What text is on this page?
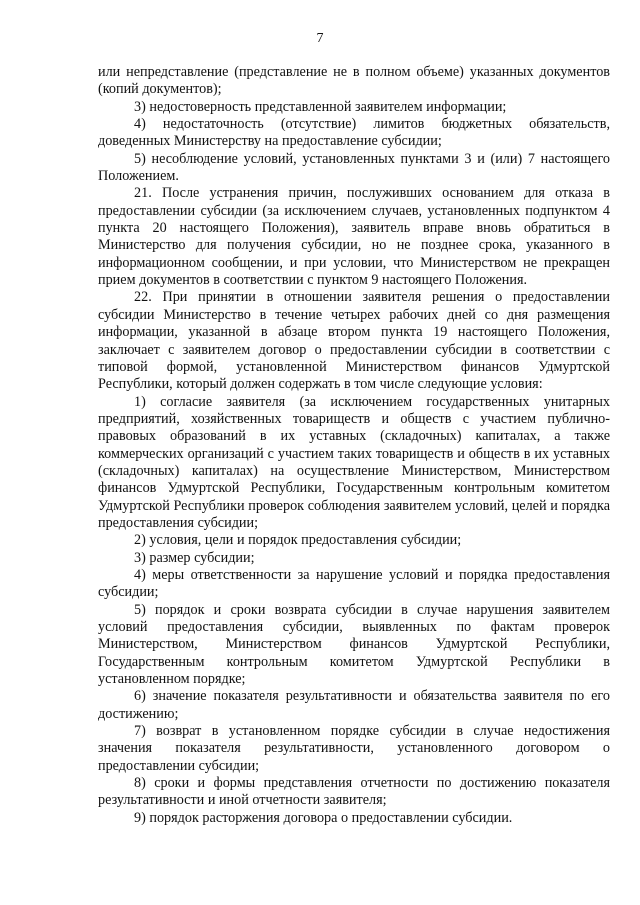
7

или непредставление (представление не в полном объеме) указанных документов (копий документов);

3) недостоверность представленной заявителем информации;

4) недостаточность (отсутствие) лимитов бюджетных обязательств, доведенных Министерству на предоставление субсидии;

5) несоблюдение условий, установленных пунктами 3 и (или) 7 настоящего Положением.

21. После устранения причин, послуживших основанием для отказа в предоставлении субсидии (за исключением случаев, установленных подпунктом 4 пункта 20 настоящего Положения), заявитель вправе вновь обратиться в Министерство для получения субсидии, но не позднее срока, указанного в информационном сообщении, и при условии, что Министерством не прекращен прием документов в соответствии с пунктом 9 настоящего Положения.

22. При принятии в отношении заявителя решения о предоставлении субсидии Министерство в течение четырех рабочих дней со дня размещения информации, указанной в абзаце втором пункта 19 настоящего Положения, заключает с заявителем договор о предоставлении субсидии в соответствии с типовой формой, установленной Министерством финансов Удмуртской Республики, который должен содержать в том числе следующие условия:

1) согласие заявителя (за исключением государственных унитарных предприятий, хозяйственных товариществ и обществ с участием публично-правовых образований в их уставных (складочных) капиталах, а также коммерческих организаций с участием таких товариществ и обществ в их уставных (складочных) капиталах) на осуществление Министерством, Министерством финансов Удмуртской Республики, Государственным контрольным комитетом Удмуртской Республики проверок соблюдения заявителем условий, целей и порядка предоставления субсидии;

2) условия, цели и порядок предоставления субсидии;

3) размер субсидии;

4) меры ответственности за нарушение условий и порядка предоставления субсидии;

5) порядок и сроки возврата субсидии в случае нарушения заявителем условий предоставления субсидии, выявленных по фактам проверок Министерством, Министерством финансов Удмуртской Республики, Государственным контрольным комитетом Удмуртской Республики в установленном порядке;

6) значение показателя результативности и обязательства заявителя по его достижению;

7) возврат в установленном порядке субсидии в случае недостижения значения показателя результативности, установленного договором о предоставлении субсидии;

8) сроки и формы представления отчетности по достижению показателя результативности и иной отчетности заявителя;

9) порядок расторжения договора о предоставлении субсидии.
